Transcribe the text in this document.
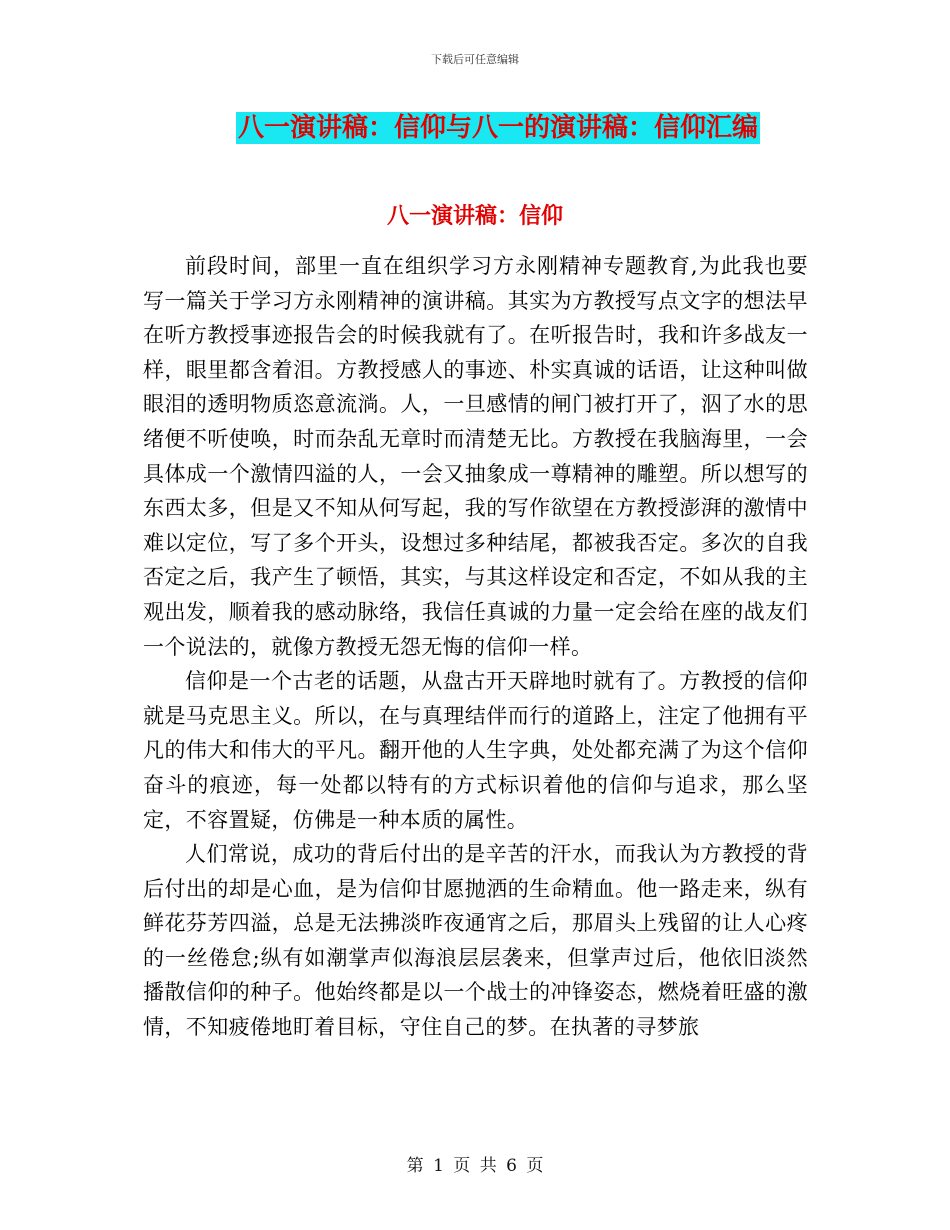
下载后可任意编辑
八一演讲稿：信仰与八一的演讲稿：信仰汇编
八一演讲稿：信仰

前段时间，部里一直在组织学习方永刚精神专题教育,为此我也要写一篇关于学习方永刚精神的演讲稿。其实为方教授写点文字的想法早在听方教授事迹报告会的时候我就有了。在听报告时，我和许多战友一样，眼里都含着泪。方教授感人的事迹、朴实真诚的话语，让这种叫做眼泪的透明物质恣意流淌。人，一旦感情的闸门被打开了，泅了水的思绪便不听使唤，时而杂乱无章时而清楚无比。方教授在我脑海里，一会具体成一个激情四溢的人，一会又抽象成一尊精神的雕塑。所以想写的东西太多，但是又不知从何写起，我的写作欲望在方教授澎湃的激情中难以定位，写了多个开头，设想过多种结尾，都被我否定。多次的自我否定之后，我产生了顿悟，其实，与其这样设定和否定，不如从我的主观出发，顺着我的感动脉络，我信任真诚的力量一定会给在座的战友们一个说法的，就像方教授无怨无悔的信仰一样。

信仰是一个古老的话题，从盘古开天辟地时就有了。方教授的信仰就是马克思主义。所以，在与真理结伴而行的道路上，注定了他拥有平凡的伟大和伟大的平凡。翻开他的人生字典，处处都充满了为这个信仰奋斗的痕迹，每一处都以特有的方式标识着他的信仰与追求，那么坚定，不容置疑，仿佛是一种本质的属性。

人们常说，成功的背后付出的是辛苦的汗水，而我认为方教授的背后付出的却是心血，是为信仰甘愿抛洒的生命精血。他一路走来，纵有鲜花芬芳四溢，总是无法拂淡昨夜通宵之后，那眉头上残留的让人心疼的一丝倦怠;纵有如潮掌声似海浪层层袭来，但掌声过后，他依旧淡然播散信仰的种子。他始终都是以一个战士的冲锋姿态，燃烧着旺盛的激情，不知疲倦地盯着目标，守住自己的梦。在执著的寻梦旅

第 1 页 共 6 页
